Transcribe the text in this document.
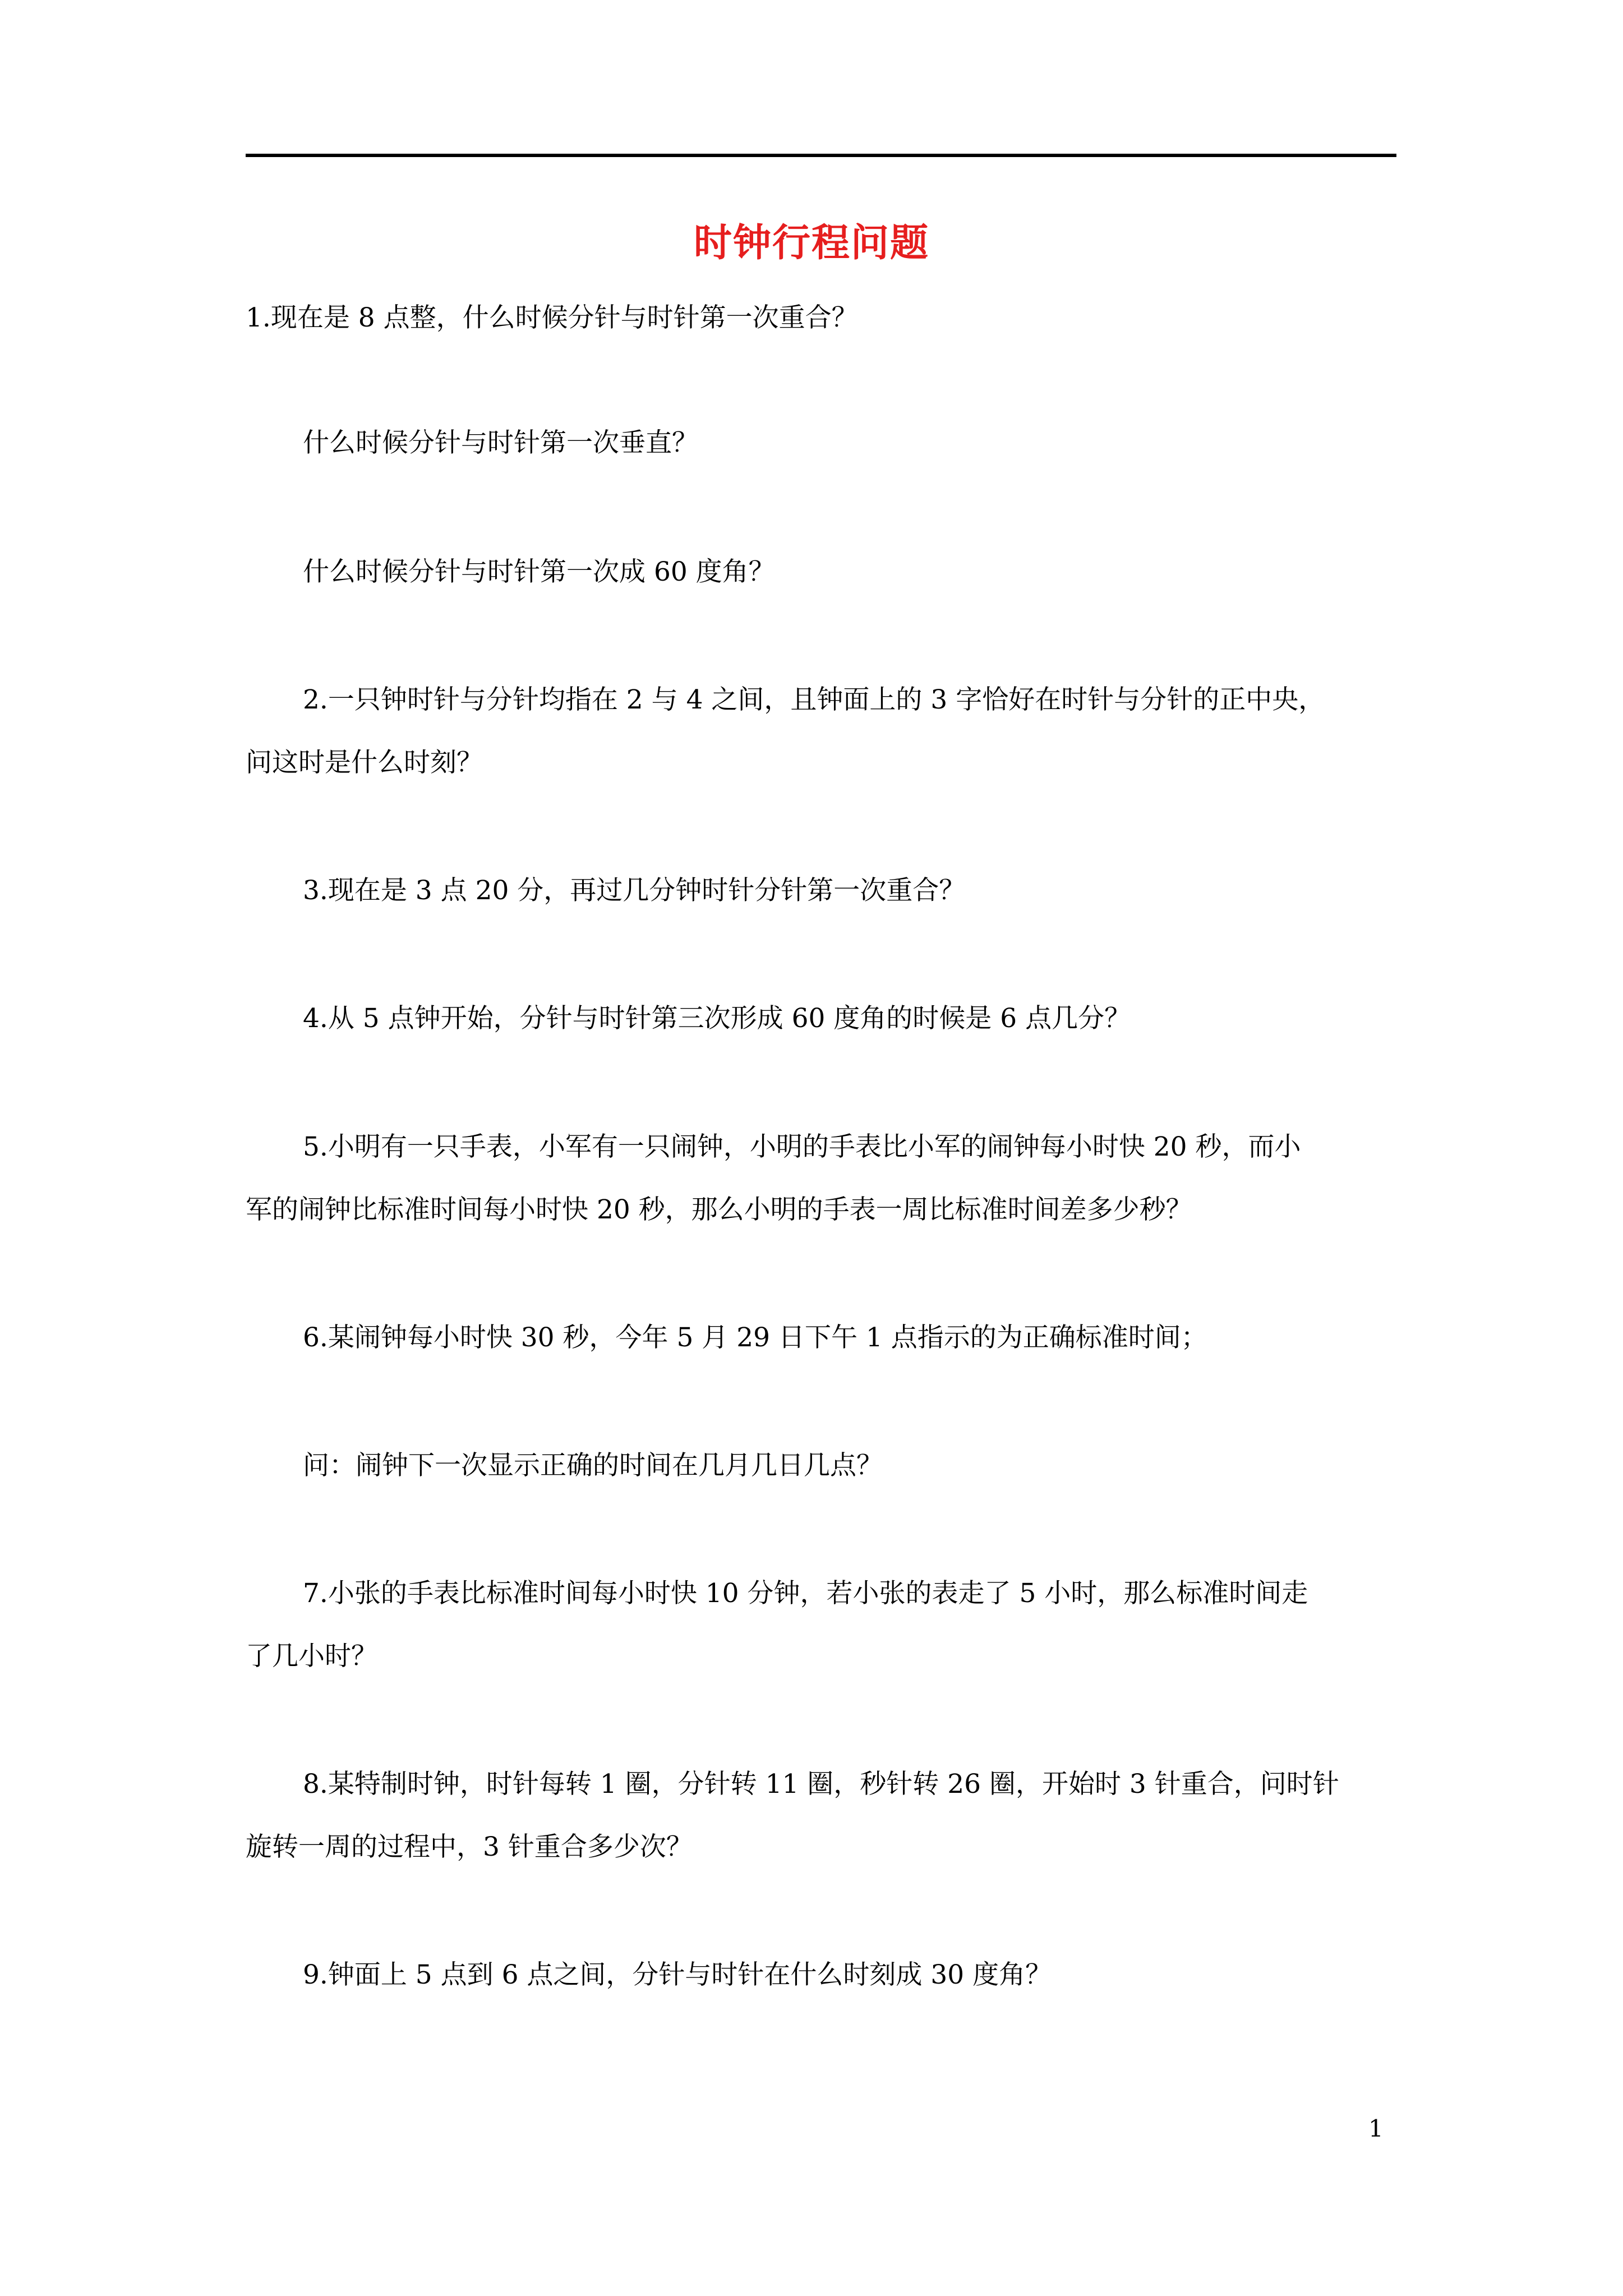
时钟行程问题
1.现在是 8 点整，什么时候分针与时针第一次重合？
什么时候分针与时针第一次垂直？
什么时候分针与时针第一次成 60 度角？
2.一只钟时针与分针均指在 2 与 4 之间，且钟面上的 3 字恰好在时针与分针的正中央，
问这时是什么时刻？
3.现在是 3 点 20 分，再过几分钟时针分针第一次重合？
4.从 5 点钟开始，分针与时针第三次形成 60 度角的时候是 6 点几分？
5.小明有一只手表，小军有一只闹钟，小明的手表比小军的闹钟每小时快 20 秒，而小
军的闹钟比标准时间每小时快 20 秒，那么小明的手表一周比标准时间差多少秒？
6.某闹钟每小时快 30 秒，今年 5 月 29 日下午 1 点指示的为正确标准时间；
问：闹钟下一次显示正确的时间在几月几日几点？
7.小张的手表比标准时间每小时快 10 分钟，若小张的表走了 5 小时，那么标准时间走
了几小时？
8.某特制时钟，时针每转 1 圈，分针转 11 圈，秒针转 26 圈，开始时 3 针重合，问时针
旋转一周的过程中，3 针重合多少次？
9.钟面上 5 点到 6 点之间，分针与时针在什么时刻成 30 度角？
1
